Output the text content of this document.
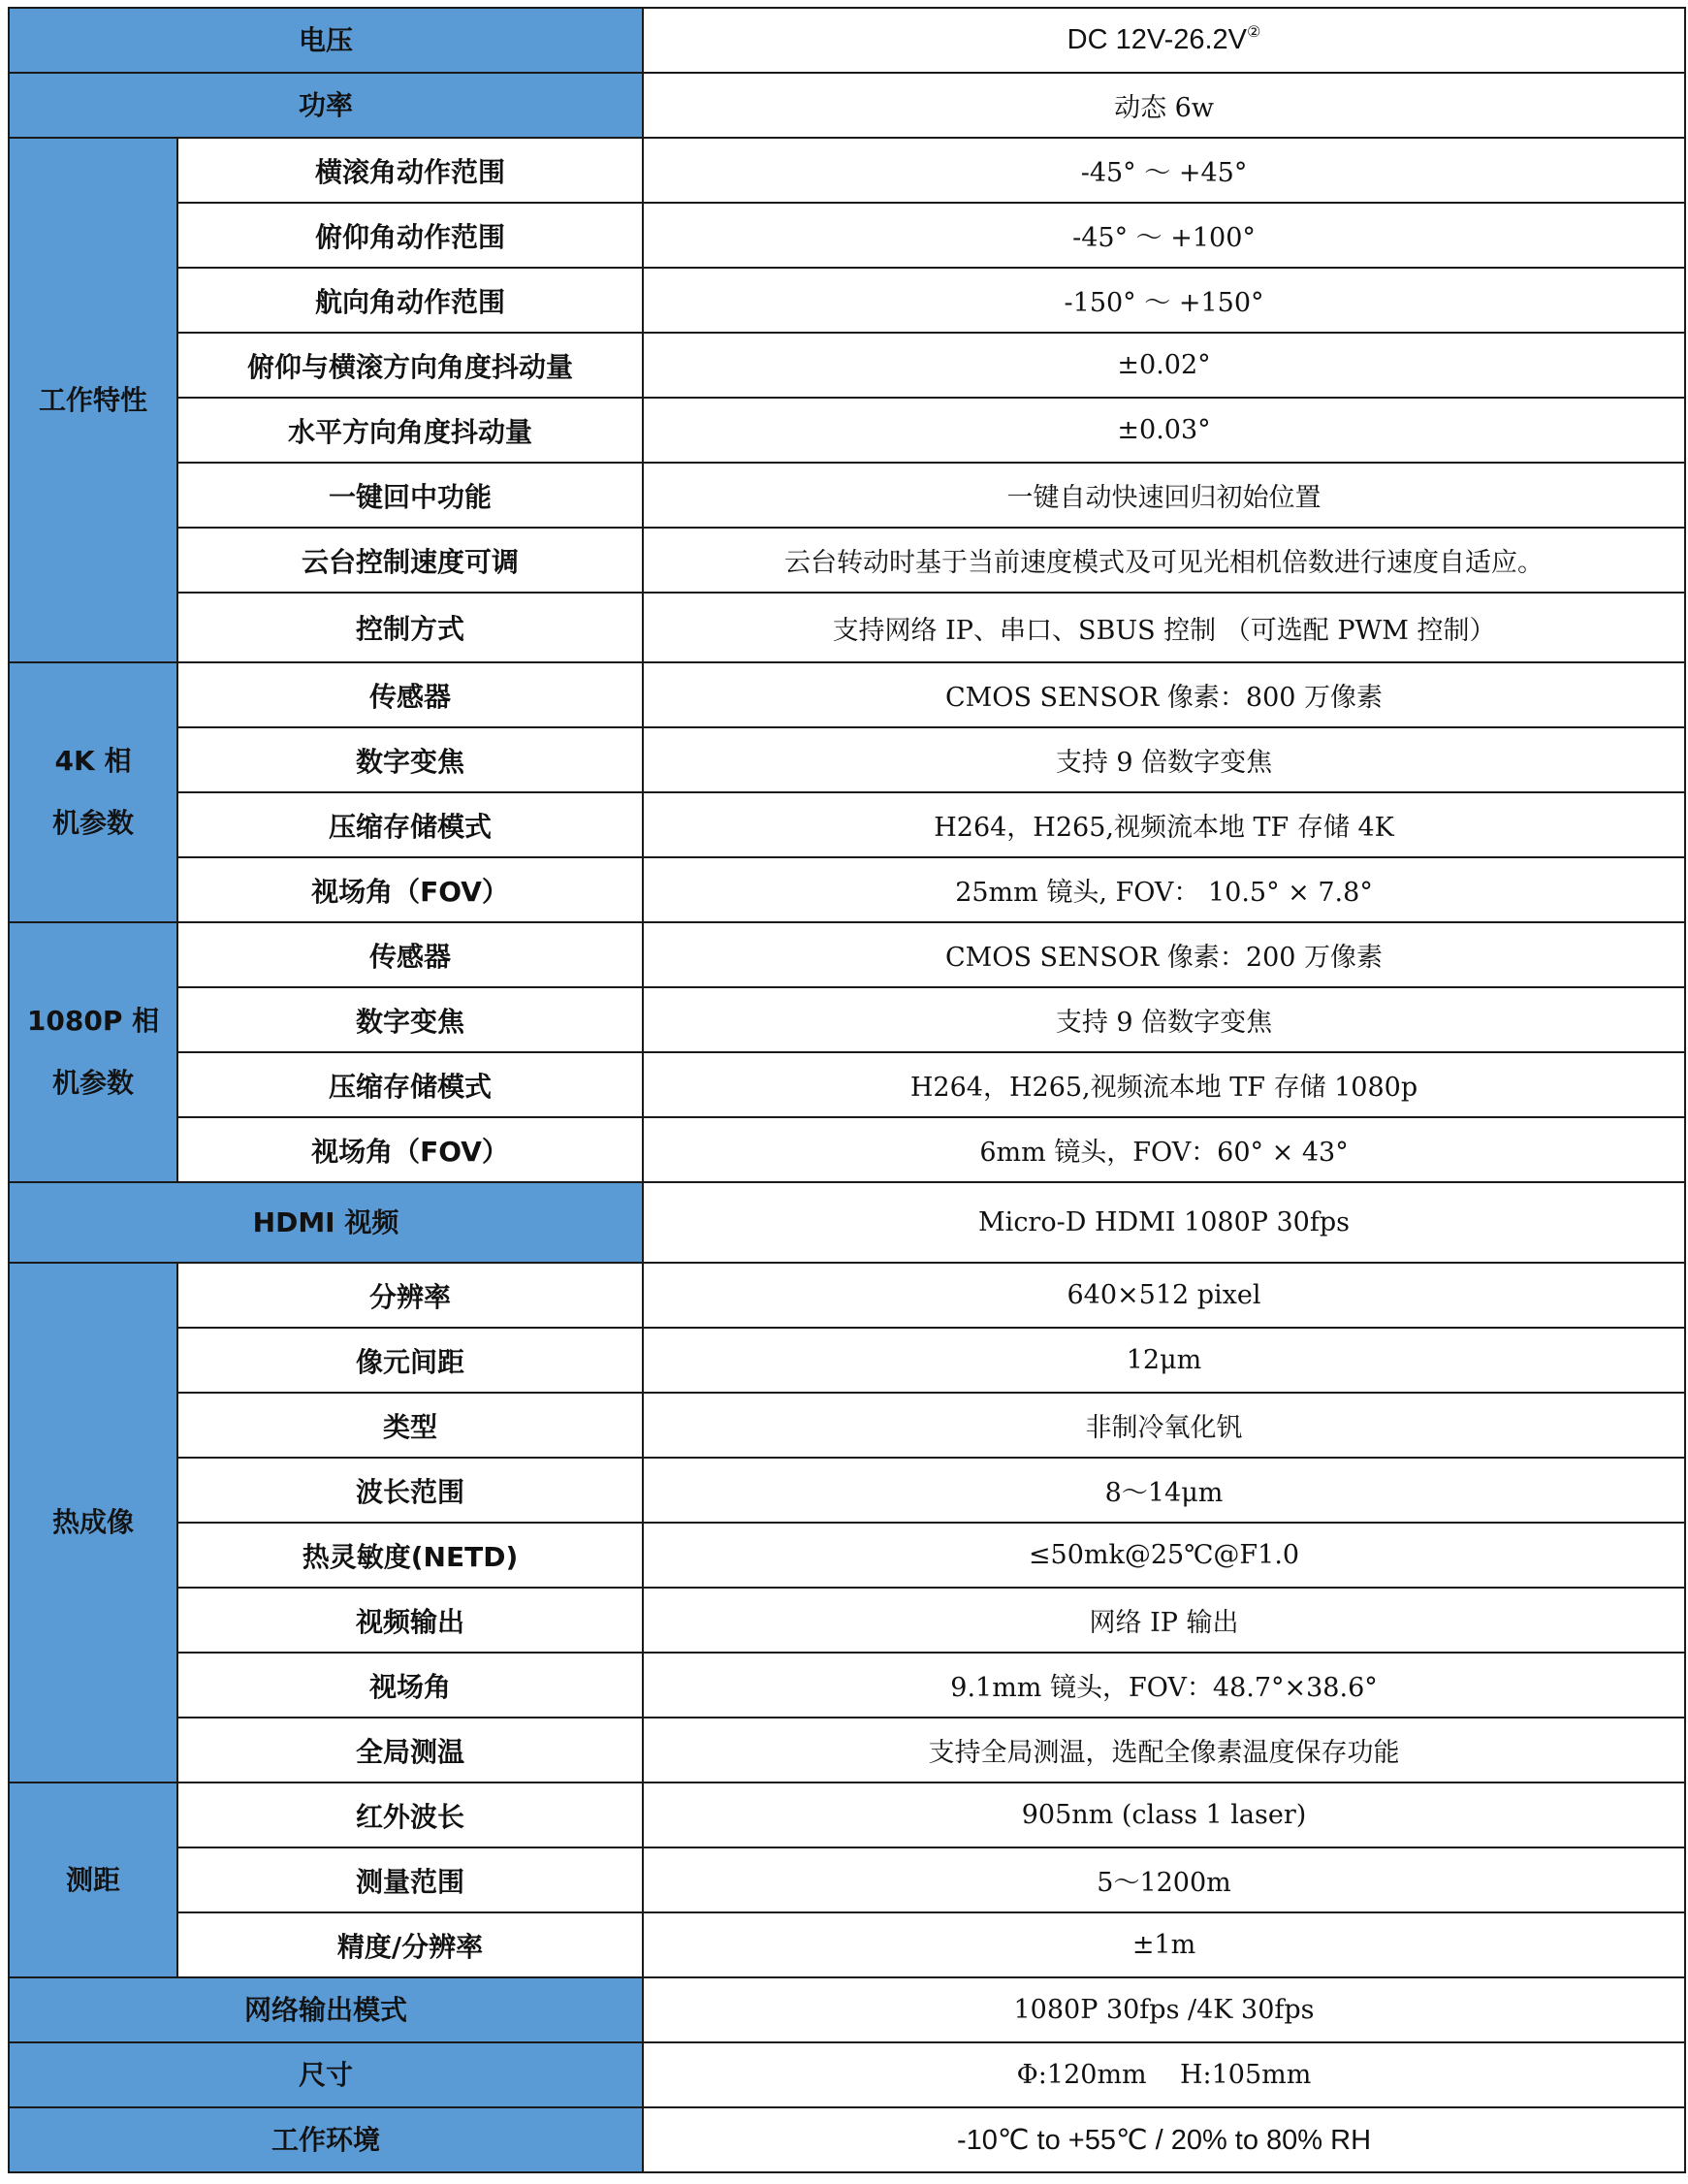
电压		DC 12V-26.2V②
功率		动态 6w
工作特性	横滚角动作范围	-45° ～ +45°
	俯仰角动作范围	-45° ～ +100°
	航向角动作范围	-150° ～ +150°
	俯仰与横滚方向角度抖动量	±0.02°
	水平方向角度抖动量	±0.03°
	一键回中功能	一键自动快速回归初始位置
	云台控制速度可调	云台转动时基于当前速度模式及可见光相机倍数进行速度自适应。
	控制方式	支持网络 IP、串口、SBUS 控制 （可选配 PWM 控制）

4K 相
机参数	传感器	CMOS SENSOR 像素：800 万像素
	数字变焦	支持 9 倍数字变焦
	压缩存储模式	H264，H265,视频流本地 TF 存储 4K
	视场角（FOV）	25mm 镜头, FOV： 10.5° × 7.8°

1080P 相
机参数	传感器	CMOS SENSOR 像素：200 万像素
	数字变焦	支持 9 倍数字变焦
	压缩存储模式	H264，H265,视频流本地 TF 存储 1080p
	视场角（FOV）	6mm 镜头，FOV：60° × 43°
HDMI 视频		Micro-D HDMI 1080P 30fps
热成像	分辨率	640×512 pixel
	像元间距	12μm
	类型	非制冷氧化钒
	波长范围	8～14μm
	热灵敏度(NETD)	≤50mk@25℃@F1.0
	视频输出	网络 IP 输出
	视场角	9.1mm 镜头，FOV：48.7°×38.6°
	全局测温	支持全局测温，选配全像素温度保存功能
测距	红外波长	905nm (class 1 laser)
	测量范围	5～1200m
	精度/分辨率	±1m
网络输出模式		1080P 30fps /4K 30fps
尺寸		Φ:120mm    H:105mm
工作环境		-10℃ to +55℃ / 20% to 80% RH
